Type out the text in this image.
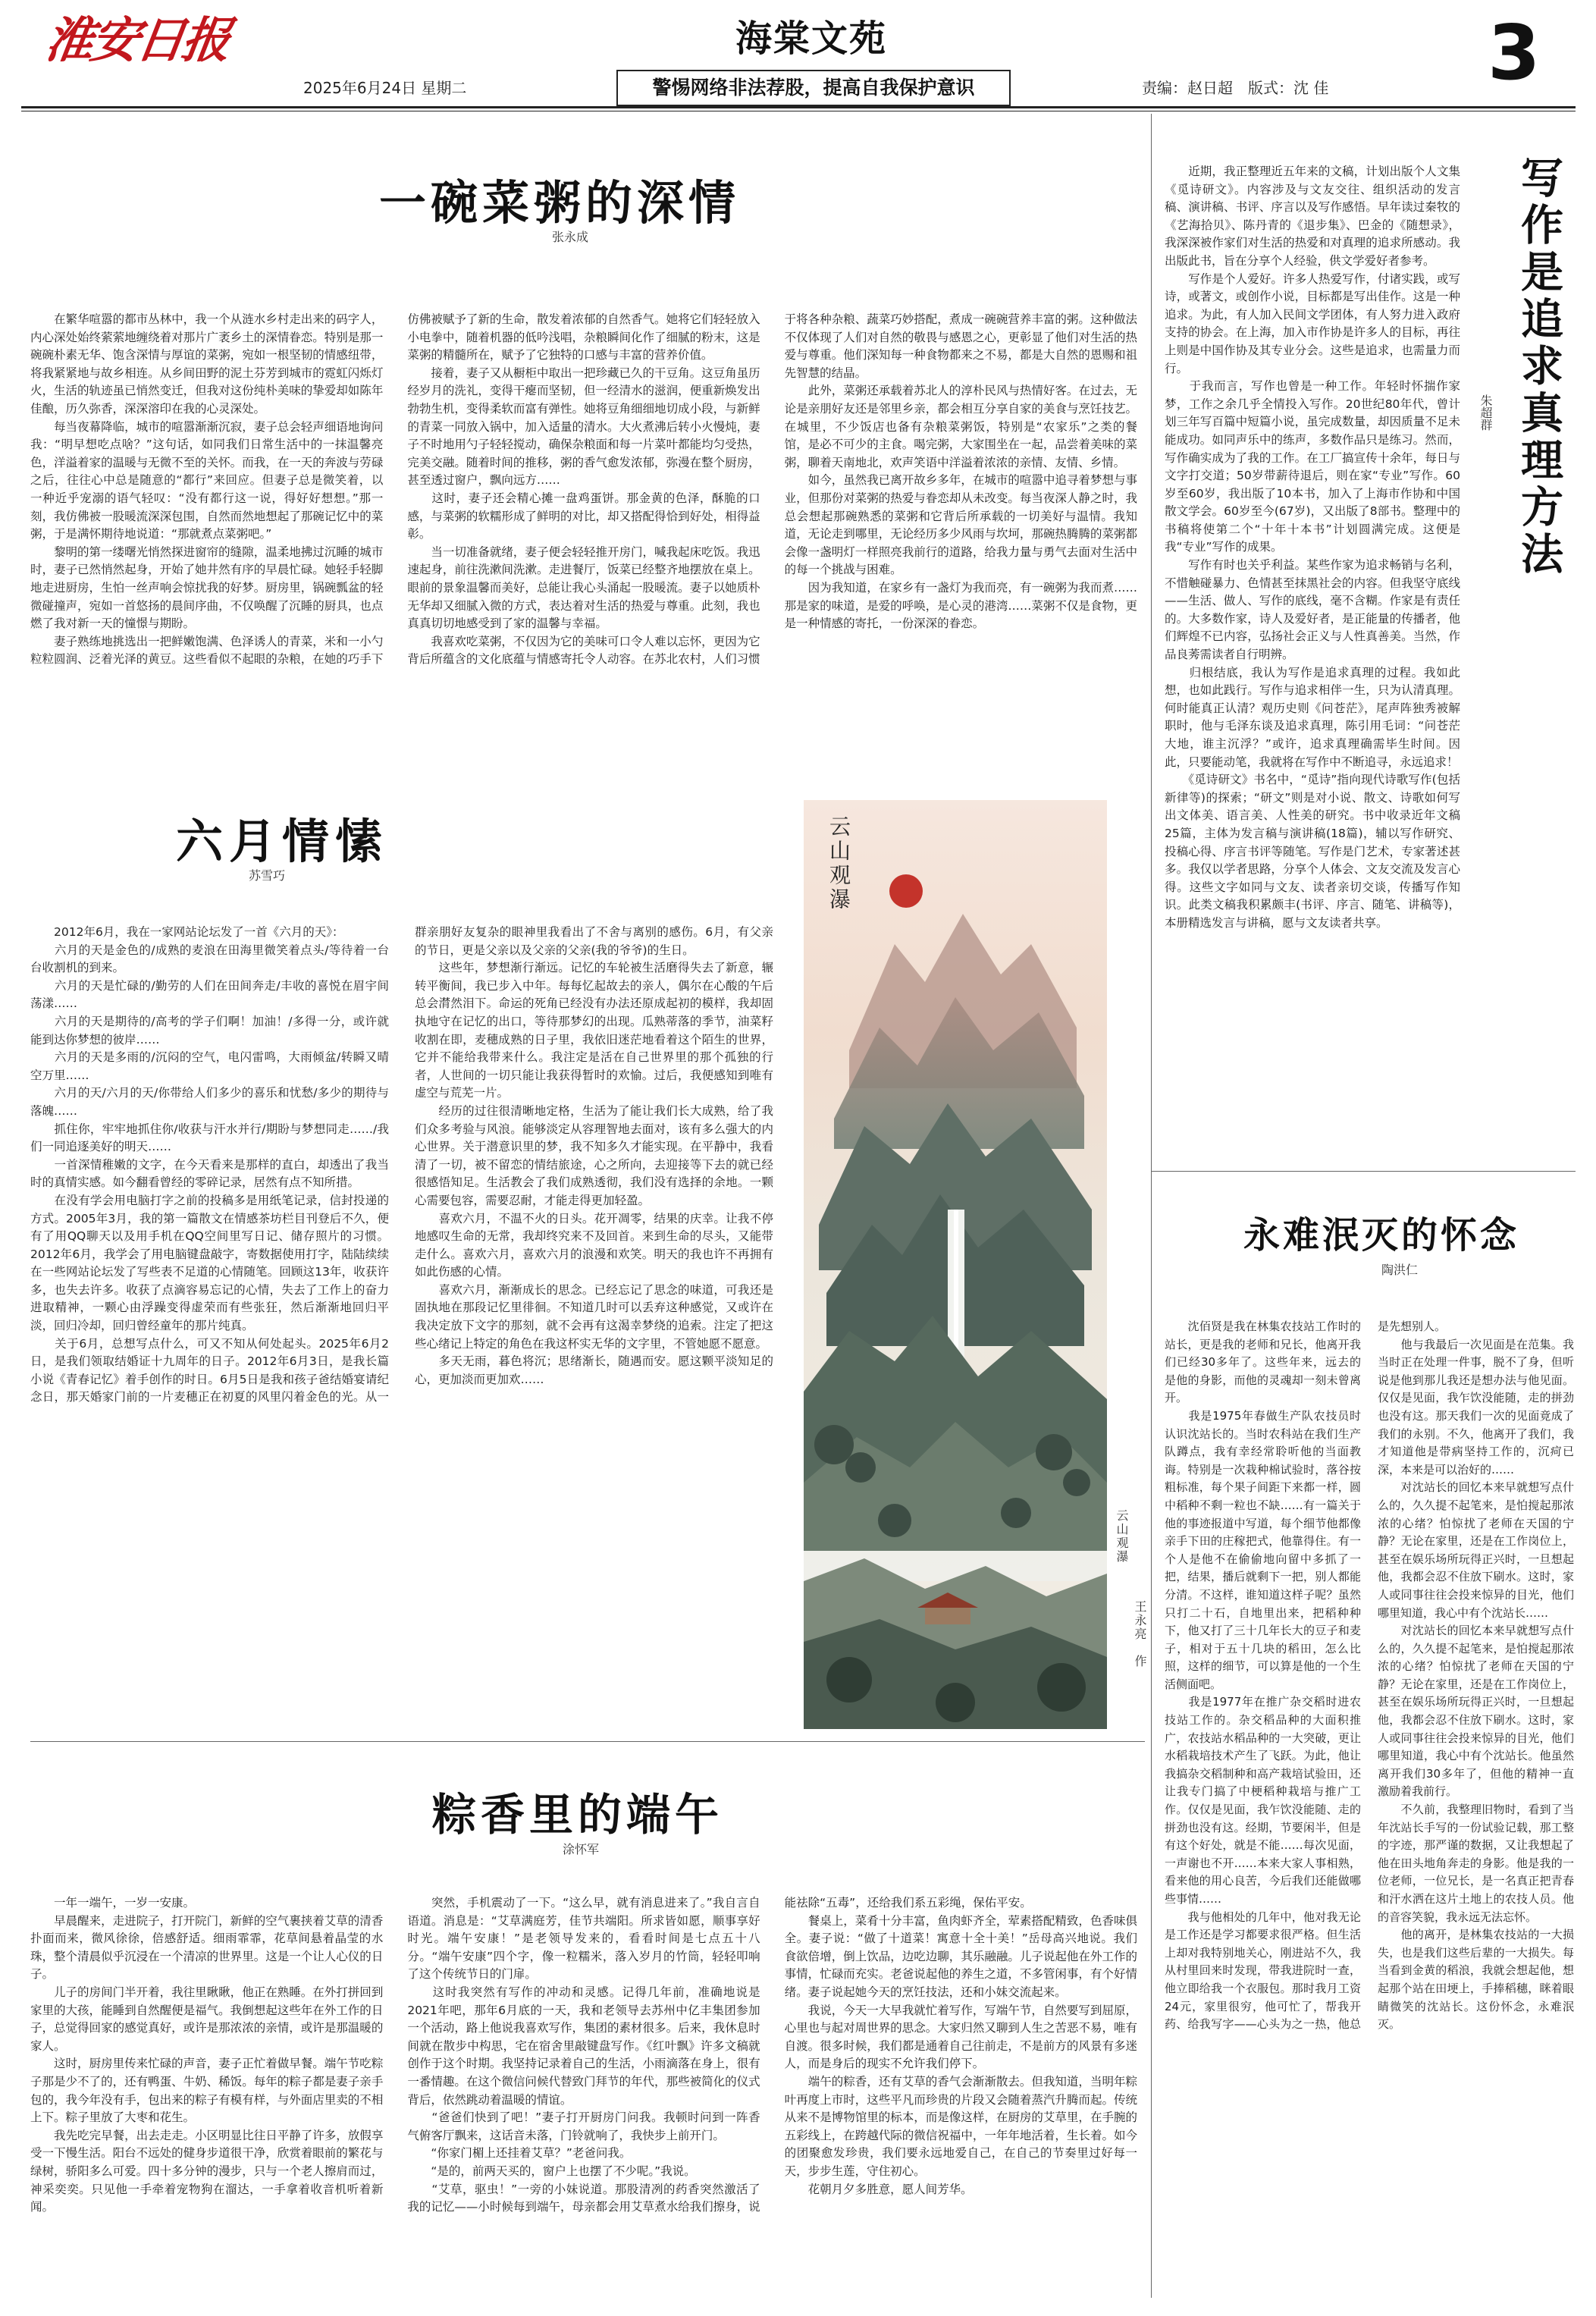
淮安日报
2025年6月24日 星期二
海棠文苑
警惕网络非法荐股，提高自我保护意识	责编：赵日超　版式：沈 佳 3
一碗菜粥的深情
张永成
　　在繁华喧嚣的都市丛林中，我一个从涟水乡村走出来的码字人，内心深处始终萦萦地缠绕着对那片广袤乡土的深情眷恋。特别是那一碗碗朴素无华、饱含深情与厚谊的菜粥，宛如一根坚韧的情感纽带，将我紧紧地与故乡相连。从乡间田野的泥土芬芳到城市的霓虹闪烁灯火，生活的轨迹虽已悄然变迁，但我对这份纯朴美味的挚爱却如陈年佳酿，历久弥香，深深溶印在我的心灵深处。
　　每当夜幕降临，城市的喧嚣渐渐沉寂，妻子总会轻声细语地询问我：“明早想吃点啥？”这句话，如同我们日常生活中的一抹温馨亮色，洋溢着家的温暖与无微不至的关怀。而我，在一天的奔波与劳碌之后，往往心中总是随意的“都行”来回应。但妻子总是微笑着，以一种近乎宠溺的语气轻叹：“没有都行这一说，得好好想想。”那一刻，我仿佛被一股暖流深深包围，自然而然地想起了那碗记忆中的菜粥，于是满怀期待地说道：“那就煮点菜粥吧。”
　　黎明的第一缕曙光悄然探进窗帘的缝隙，温柔地拂过沉睡的城市时，妻子已然悄然起身，开始了她井然有序的早晨忙碌。她轻手轻脚地走进厨房，生怕一丝声响会惊扰我的好梦。厨房里，锅碗瓢盆的轻微碰撞声，宛如一首悠扬的晨间序曲，不仅唤醒了沉睡的厨具，也点燃了我对新一天的憧憬与期盼。
　　妻子熟练地挑选出一把鲜嫩饱满、色泽诱人的青菜，米和一小勺粒粒圆润、泛着光泽的黄豆。这些看似不起眼的杂粮，在她的巧手下仿佛被赋予了新的生命，散发着浓郁的自然香气。她将它们轻轻放入小电拳中，随着机器的低吟浅唱，杂粮瞬间化作了细腻的粉末，这是菜粥的精髓所在，赋予了它独特的口感与丰富的营养价值。
　　接着，妻子又从橱柜中取出一把珍藏已久的干豆角。这豆角虽历经岁月的洗礼，变得干瘪而坚韧，但一经清水的滋润，便重新焕发出勃勃生机，变得柔软而富有弹性。她将豆角细细地切成小段，与新鲜的青菜一同放入锅中，加入适量的清水。大火煮沸后转小火慢炖，妻子不时地用勺子轻轻搅动，确保杂粮面和每一片菜叶都能均匀受热，完美交融。随着时间的推移，粥的香气愈发浓郁，弥漫在整个厨房，甚至透过窗户，飘向远方……
　　这时，妻子还会精心摊一盘鸡蛋饼。那金黄的色泽，酥脆的口感，与菜粥的软糯形成了鲜明的对比，却又搭配得恰到好处，相得益彰。
　　当一切准备就绪，妻子便会轻轻推开房门，喊我起床吃饭。我迅速起身，前往洗漱间洗漱。走进餐厅，饭菜已经整齐地摆放在桌上。眼前的景象温馨而美好，总能让我心头涌起一股暖流。妻子以她质朴无华却又细腻入微的方式，表达着对生活的热爱与尊重。此刻，我也真真切切地感受到了家的温馨与幸福。
　　我喜欢吃菜粥，不仅因为它的美味可口令人难以忘怀，更因为它背后所蕴含的文化底蕴与情感寄托令人动容。在苏北农村，人们习惯于将各种杂粮、蔬菜巧妙搭配，煮成一碗碗营养丰富的粥。这种做法不仅体现了人们对自然的敬畏与感恩之心，更彰显了他们对生活的热爱与尊重。他们深知每一种食物都来之不易，都是大自然的恩赐和祖先智慧的结晶。
　　此外，菜粥还承载着苏北人的淳朴民风与热情好客。在过去，无论是亲朋好友还是邻里乡亲，都会相互分享自家的美食与烹饪技艺。在城里，不少饭店也备有杂粮菜粥饭，特别是“农家乐”之类的餐馆，是必不可少的主食。喝完粥，大家围坐在一起，品尝着美味的菜粥，聊着天南地北，欢声笑语中洋溢着浓浓的亲情、友情、乡情。
　　如今，虽然我已离开故乡多年，在城市的喧嚣中追寻着梦想与事业，但那份对菜粥的热爱与眷恋却从未改变。每当夜深人静之时，我总会想起那碗熟悉的菜粥和它背后所承载的一切美好与温情。我知道，无论走到哪里，无论经历多少风雨与坎坷，那碗热腾腾的菜粥都会像一盏明灯一样照亮我前行的道路，给我力量与勇气去面对生活中的每一个挑战与困难。
　　因为我知道，在家乡有一盏灯为我而亮，有一碗粥为我而煮……那是家的味道，是爱的呼唤，是心灵的港湾……菜粥不仅是食物，更是一种情感的寄托，一份深深的眷恋。
　　近期，我正整理近五年来的文稿，计划出版个人文集《觅诗研文》。内容涉及与文友交往、组织活动的发言稿、演讲稿、书评、序言以及写作感悟。早年读过秦牧的《艺海拾贝》、陈丹青的《退步集》、巴金的《随想录》，我深深被作家们对生活的热爱和对真理的追求所感动。我出版此书，旨在分享个人经验，供文学爱好者参考。
　　写作是个人爱好。许多人热爱写作，付诸实践，或写诗，或著文，或创作小说，目标都是写出佳作。这是一种追求。为此，有人加入民间文学团体，有人努力进入政府支持的协会。在上海，加入市作协是许多人的目标，再往上则是中国作协及其专业分会。这些是追求，也需量力而行。
　　于我而言，写作也曾是一种工作。年轻时怀揣作家梦，工作之余几乎全情投入写作。20世纪80年代，曾计划三年写百篇中短篇小说，虽完成数量，却因质量不足未能成功。如同声乐中的练声，多数作品只是练习。然而，写作确实成为了我的工作。在工厂搞宣传十余年，每日与文字打交道；50岁带薪待退后，则在家“专业”写作。60岁至60岁，我出版了10本书，加入了上海市作协和中国散文学会。60岁至今(67岁)，又出版了8部书。整理中的书稿将使第二个“十年十本书”计划圆满完成。这便是我“专业”写作的成果。
　　写作有时也关乎利益。某些作家为追求畅销与名利，不惜触碰暴力、色情甚至抹黑社会的内容。但我坚守底线——生活、做人、写作的底线，毫不含糊。作家是有责任的。大多数作家，诗人及爱好者，是正能量的传播者，他们辉煌不已内容，弘扬社会正义与人性真善美。当然，作品良莠需读者自行明辨。
　　归根结底，我认为写作是追求真理的过程。我如此想，也如此践行。写作与追求相伴一生，只为认清真理。何时能真正认清？观历史则《问苍茫》，尾声阵独秀被解职时，他与毛泽东谈及追求真理，陈引用毛词：“问苍茫大地，谁主沉浮？”或许，追求真理确需毕生时间。因此，只要能动笔，我就将在写作中不断追寻，永远追求！
　　《觅诗研文》书名中，“觅诗”指向现代诗歌写作(包括新律等)的探索；“研文”则是对小说、散文、诗歌如何写出文体美、语言美、人性美的研究。书中收录近年文稿25篇，主体为发言稿与演讲稿(18篇)，辅以写作研究、投稿心得、序言书评等随笔。写作是门艺术，专家著述甚多。我仅以学者思路，分享个人体会、文友交流及发言心得。这些文字如同与文友、读者亲切交谈，传播写作知识。此类文稿我积累颇丰(书评、序言、随笔、讲稿等)，本册精选发言与讲稿，愿与文友读者共享。
写作是追求真理方法
朱超群
六月情愫
苏雪巧
　　2012年6月，我在一家网站论坛发了一首《六月的天》：
　　六月的天是金色的/成熟的麦浪在田海里微笑着点头/等待着一台台收割机的到来。
　　六月的天是忙碌的/勤劳的人们在田间奔走/丰收的喜悦在眉宇间荡漾……
　　六月的天是期待的/高考的学子们啊！加油！/多得一分，或许就能到达你梦想的彼岸……
　　六月的天是多雨的/沉闷的空气，电闪雷鸣，大雨倾盆/转瞬又晴空万里……
　　六月的天/六月的天/你带给人们多少的喜乐和忧愁/多少的期待与落魄……
　　抓住你，牢牢地抓住你/收获与汗水并行/期盼与梦想同走……/我们一同追逐美好的明天……
　　一首深情稚嫩的文字，在今天看来是那样的直白，却透出了我当时的真情实感。如今翻看曾经的零碎记录，居然有点不知所措。
　　在没有学会用电脑打字之前的投稿多是用纸笔记录，信封投递的方式。2005年3月，我的第一篇散文在情感茶坊栏目刊登后不久，便有了用QQ聊天以及用手机在QQ空间里写日记、储存照片的习惯。2012年6月，我学会了用电脑键盘敲字，寄数据使用打字，陆陆续续在一些网站论坛发了写些表不足道的心情随笔。回顾这13年，收获许多，也失去许多。收获了点滴容易忘记的心情，失去了工作上的奋力进取精神，一颗心由浮躁变得虚荣而有些张狂，然后渐渐地回归平淡，回归冷却，回归曾经童年的那片纯真。
　　关于6月，总想写点什么，可又不知从何处起头。2025年6月2日，是我们领取结婚证十九周年的日子。2012年6月3日，是我长篇小说《青春记忆》着手创作的时日。6月5日是我和孩子爸结婚宴请纪念日，那天婚家门前的一片麦穗正在初夏的风里闪着金色的光。从一群亲朋好友复杂的眼神里我看出了不舍与离别的感伤。6月，有父亲的节日，更是父亲以及父亲的父亲(我的爷爷)的生日。
　　这些年，梦想渐行渐远。记忆的车轮被生活磨得失去了新意，辗转平衡间，我已步入中年。每每忆起故去的亲人，偶尔在心酸的午后总会潸然泪下。命运的死角已经没有办法还原成起初的模样，我却固执地守在记忆的出口，等待那梦幻的出现。瓜熟蒂落的季节，油菜籽收割在即，麦穗成熟的日子里，我依旧迷茫地看着这个陌生的世界，它并不能给我带来什么。我注定是活在自己世界里的那个孤独的行者，人世间的一切只能让我获得暂时的欢愉。过后，我便感知到唯有虚空与荒芜一片。
　　经历的过往很清晰地定格，生活为了能让我们长大成熟，给了我们众多考验与风浪。能够淡定从容理智地去面对，该有多么强大的内心世界。关于潜意识里的梦，我不知多久才能实现。在平静中，我看清了一切，被不留恋的情结旅途，心之所向，去迎接等下去的就已经很感悟知足。生活教会了我们成熟透彻，我们没有选择的余地。一颗心需要包容，需要忍耐，才能走得更加轻盈。
　　喜欢六月，不温不火的日头。花开凋零，结果的庆幸。让我不停地感叹生命的无常，我却终究来不及回首。来到生命的尽头，又能带走什么。喜欢六月，喜欢六月的浪漫和欢笑。明天的我也许不再拥有如此伤感的心情。
　　喜欢六月，渐渐成长的思念。已经忘记了思念的味道，可我还是固执地在那段记忆里徘徊。不知道几时可以丢弃这种感觉，又或许在我决定放下文字的那刻，就不会再有这渴幸梦绕的追索。注定了把这些心绪记上特定的角色在我这杯实无华的文字里，不管她愿不愿意。
　　多天无雨，暮色将沉；思绪渐长，随遇而安。愿这颗平淡知足的心，更加淡而更加欢……
云山观瀑
云山观瀑
王永亮　作
永难泯灭的怀念
陶洪仁
　　沈佰贤是我在林集农技站工作时的站长，更是我的老师和兄长，他离开我们已经30多年了。这些年来，远去的是他的身影，而他的灵魂却一刻未曾离开。
　　我是1975年春做生产队农技员时认识沈站长的。当时农科站在我们生产队蹲点，我有幸经常聆听他的当面教诲。特别是一次栽种棉试验时，落谷按粗标准，每个果子间距下来都一样，圆中稻种不剩一粒也不缺……有一篇关于他的事迹报道中写道，每个细节他都像亲手下田的庄稼把式，他靠得住。有一个人是他不在偷偷地向留中多抓了一把，结果，播后就剩下一把，别人都能分清。不这样，谁知道这样子呢？虽然只打二十石，自地里出来，把稻种种下，他又打了三十几年长大的豆子和麦子，相对于五十几块的稻田，怎么比照，这样的细节，可以算是他的一个生活侧面吧。
　　我是1977年在推广杂交稻时进农技站工作的。杂交稻品种的大面积推广，农技站水稻品种的一大突破，更让水稻栽培技术产生了飞跃。为此，他让我搞杂交稻制种和高产栽培试验田，还让我专门搞了中梗稻种栽培与推广工作。仅仅是见面，我乍饮没能随、走的拼劲也没有这。经期，节要闲半，但是有这个好处，就是不能……每次见面，一声谢也不开……本来大家人事相熟，看来他的用心良苦，今后我们还能做哪些事情……
　　我与他相处的几年中，他对我无论是工作还是学习都要求很严格。但生活上却对我特别地关心，刚进站不久，我从村里回来时发现，带我进院时一查，他立即给我一个衣服包。那时我月工资24元，家里很穷，他可忙了，帮我开药、给我写字——心头为之一热，他总是先想别人。
　　他与我最后一次见面是在范集。我当时正在处理一件事，脱不了身，但听说是他到那儿我还是想办法与他见面。仅仅是见面，我乍饮没能随，走的拼劲也没有这。那天我们一次的见面竟成了我们的永别。不久，他离开了我们，我才知道他是带病坚持工作的，沉疴已深，本来是可以治好的……
　　对沈站长的回忆本来早就想写点什么的，久久提不起笔来，是怕搅起那浓浓的心绪？怕惊扰了老师在天国的宁静？无论在家里，还是在工作岗位上，甚至在娱乐场所玩得正兴时，一旦想起他，我都会忍不住放下刷水。这时，家人或同事往往会投来惊异的目光，他们哪里知道，我心中有个沈站长……
　　对沈站长的回忆本来早就想写点什么的，久久提不起笔来，是怕搅起那浓浓的心绪？怕惊扰了老师在天国的宁静？无论在家里，还是在工作岗位上，甚至在娱乐场所玩得正兴时，一旦想起他，我都会忍不住放下刷水。这时，家人或同事往往会投来惊异的目光，他们哪里知道，我心中有个沈站长。他虽然离开我们30多年了，但他的精神一直激励着我前行。
　　不久前，我整理旧物时，看到了当年沈站长手写的一份试验记载，那工整的字迹，那严谨的数据，又让我想起了他在田头地角奔走的身影。他是我的一位老师，一位兄长，是一名真正把青春和汗水洒在这片土地上的农技人员。他的音容笑貌，我永远无法忘怀。
　　他的离开，是林集农技站的一大损失，也是我们这些后辈的一大损失。每当看到金黄的稻浪，我就会想起他，想起那个站在田埂上，手捧稻穗，眯着眼睛微笑的沈站长。这份怀念，永难泯灭。
粽香里的端午
涂怀军
　　一年一端午，一岁一安康。
　　早晨醒来，走进院子，打开院门，新鲜的空气裹挟着艾草的清香扑面而来，微风徐徐，倍感舒适。细雨霏霏，花草间悬着晶莹的水珠，整个清晨似乎沉浸在一个清凉的世界里。这是一个让人心仪的日子。
　　儿子的房间门半开着，我往里瞅瞅，他正在熟睡。在外打拼回到家里的大孩，能睡到自然醒便是福气。我倒想起这些年在外工作的日子，总觉得回家的感觉真好，或许是那浓浓的亲情，或许是那温暖的家人。
　　这时，厨房里传来忙碌的声音，妻子正忙着做早餐。端午节吃粽子那是少不了的，还有鸭蛋、牛奶、稀饭。每年的粽子都是妻子亲手包的，我今年没有手，包出来的粽子有模有样，与外面店里卖的不相上下。粽子里放了大枣和花生。
　　我先吃完早餐，出去走走。小区明显比往日平静了许多，放假享受一下慢生活。阳台不远处的健身步道很干净，欣赏着眼前的繁花与绿树，骄阳多么可爱。四十多分钟的漫步，只与一个老人擦肩而过，神采奕奕。只见他一手牵着宠物狗在溜达，一手拿着收音机听着新闻。
　　突然，手机震动了一下。“这么早，就有消息进来了。”我自言自语道。消息是：“艾草满庭芳，佳节共端阳。所求皆如愿，顺事享好时光。端午安康！”是老领导发来的，看看时间是七点五十八分。“端午安康”四个字，像一粒糯米，落入岁月的竹筒，轻轻叩响了这个传统节日的门扉。
　　这时我突然有写作的冲动和灵感。记得几年前，准确地说是2021年吧，那年6月底的一天，我和老领导去苏州中亿丰集团参加一个活动，路上他说我喜欢写作，集团的素材很多。后来，我休息时间就在散步中构思，宅在宿舍里敲键盘写作。《红叶飘》许多文稿就创作于这个时期。我坚持记录着自己的生活，小雨滴落在身上，很有一番情趣。在这个微信问候代替致门拜节的年代，那些被简化的仪式背后，依然跳动着温暖的情谊。
　　“爸爸们快到了吧！”妻子打开厨房门问我。我顿时问到一阵香气俯客厅飘来，这话音未落，门铃就响了，我快步上前开门。
　　“你家门楣上还挂着艾草？”老爸问我。
　　“是的，前两天买的，窗户上也摆了不少呢。”我说。
　　“艾草，驱虫！”一旁的小妹说道。那股清冽的药香突然激活了我的记忆——小时候每到端午，母亲都会用艾草煮水给我们擦身，说能祛除“五毒”，还给我们系五彩绳，保佑平安。
　　餐桌上，菜肴十分丰富，鱼肉虾齐全，荤素搭配精致，色香味俱全。妻子说：“做了十道菜！寓意十全十美！”岳母高兴地说。我们食欲倍增，倒上饮品，边吃边聊，其乐融融。儿子说起他在外工作的事情，忙碌而充实。老爸说起他的养生之道，不多管闲事，有个好情绪。妻子说起她今天的烹饪技法，还和小妹交流起来。
　　我说，今天一大早我就忙着写作，写端午节，自然要写到屈原，心里也与起对周世界的思念。大家归然又聊到人生之苦恶不易，唯有自渡。很多时候，我们都是通着自己往前走，不是前方的风景有多迷人，而是身后的现实不允许我们停下。
　　端午的粽香，还有艾草的香气会渐渐散去。但我知道，当明年粽叶再度上市时，这些平凡而珍贵的片段又会随着蒸汽升腾而起。传统从来不是博物馆里的标本，而是像这样，在厨房的艾草里，在手腕的五彩线上，在跨越代际的微信祝福中，一年年地活着，生长着。如今的团聚愈发珍贵，我们要永远地爱自己，在自己的节奏里过好每一天，步步生莲，守住初心。
　　花朝月夕多胜意，愿人间芳华。
